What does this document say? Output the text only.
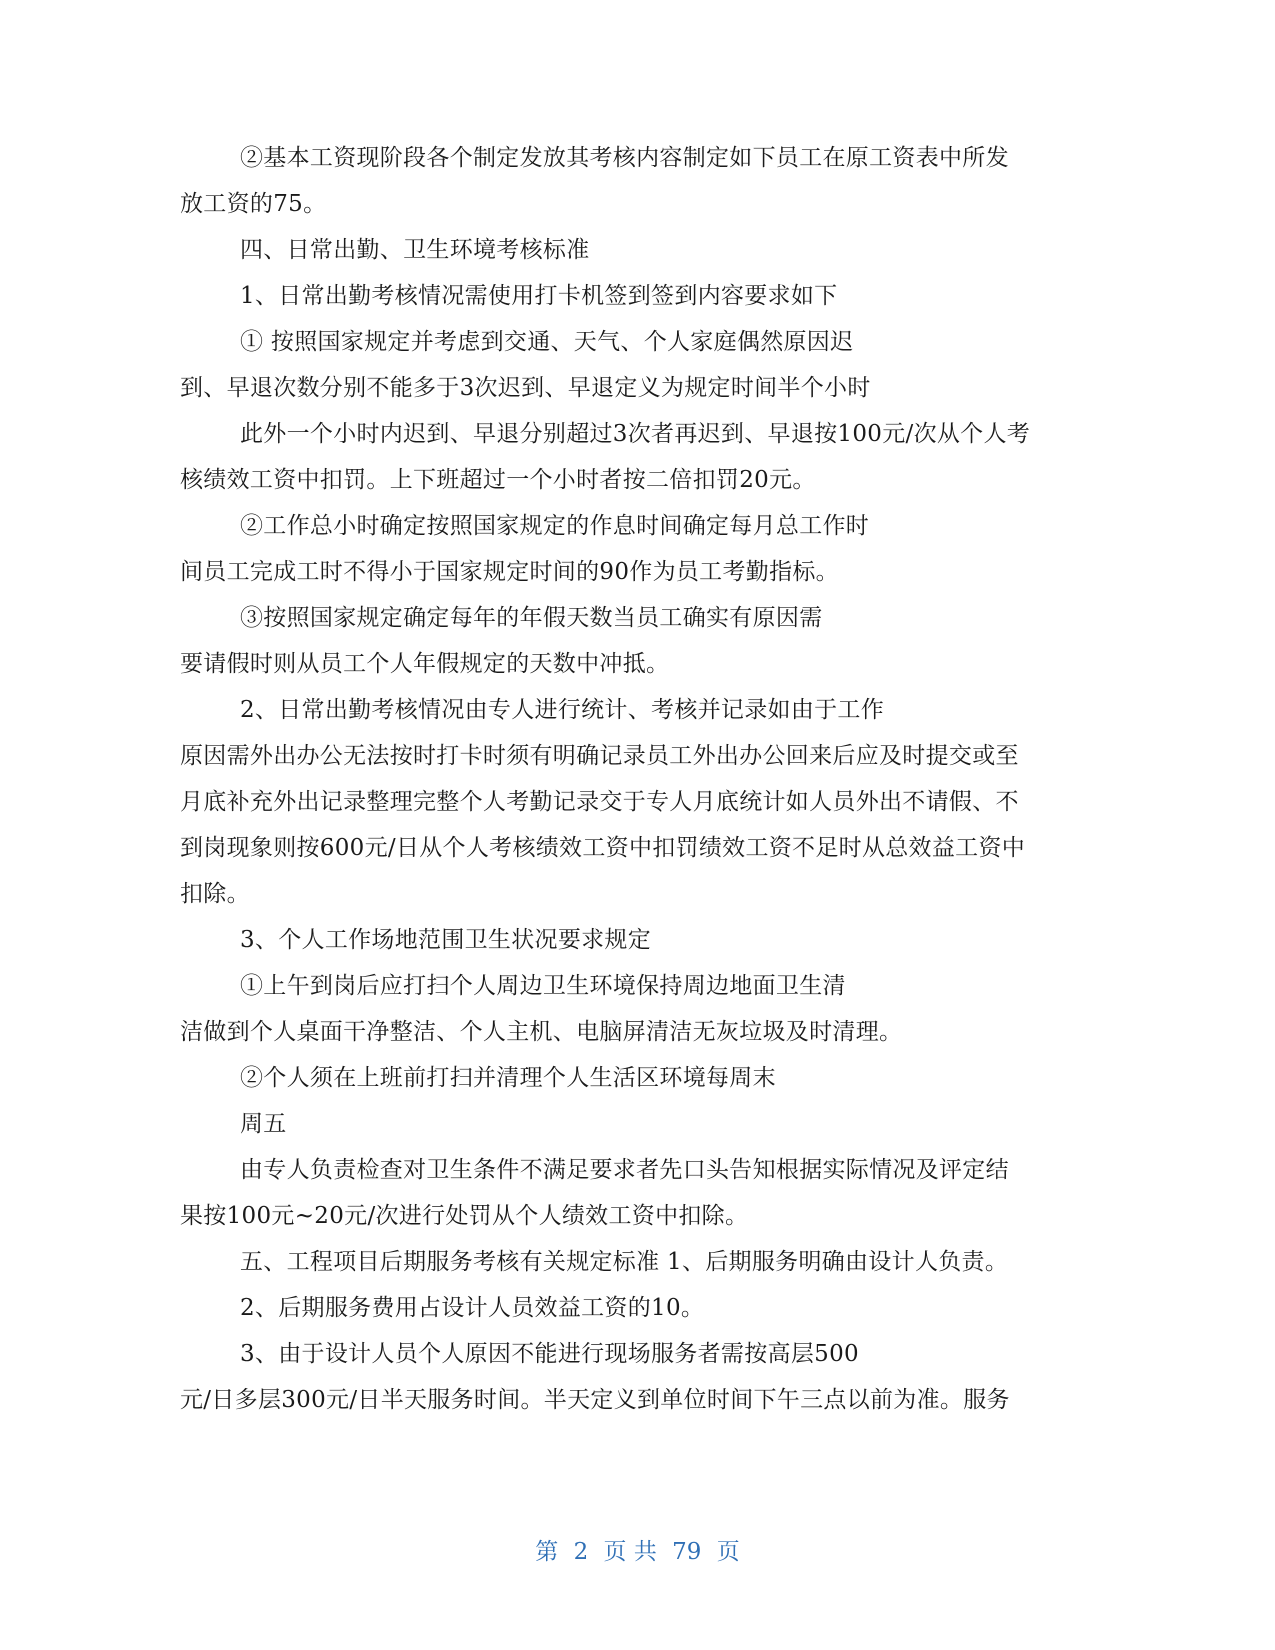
②基本工资现阶段各个制定发放其考核内容制定如下员工在原工资表中所发
放工资的75。
四、日常出勤、卫生环境考核标准
1、日常出勤考核情况需使用打卡机签到签到内容要求如下
① 按照国家规定并考虑到交通、天气、个人家庭偶然原因迟
到、早退次数分别不能多于3次迟到、早退定义为规定时间半个小时
此外一个小时内迟到、早退分别超过3次者再迟到、早退按100元/次从个人考
核绩效工资中扣罚。上下班超过一个小时者按二倍扣罚20元。
②工作总小时确定按照国家规定的作息时间确定每月总工作时
间员工完成工时不得小于国家规定时间的90作为员工考勤指标。
③按照国家规定确定每年的年假天数当员工确实有原因需
要请假时则从员工个人年假规定的天数中冲抵。
2、日常出勤考核情况由专人进行统计、考核并记录如由于工作
原因需外出办公无法按时打卡时须有明确记录员工外出办公回来后应及时提交或至
月底补充外出记录整理完整个人考勤记录交于专人月底统计如人员外出不请假、不
到岗现象则按600元/日从个人考核绩效工资中扣罚绩效工资不足时从总效益工资中
扣除。
3、个人工作场地范围卫生状况要求规定
①上午到岗后应打扫个人周边卫生环境保持周边地面卫生清
洁做到个人桌面干净整洁、个人主机、电脑屏清洁无灰垃圾及时清理。
②个人须在上班前打扫并清理个人生活区环境每周末
周五
由专人负责检查对卫生条件不满足要求者先口头告知根据实际情况及评定结
果按100元~20元/次进行处罚从个人绩效工资中扣除。
五、工程项目后期服务考核有关规定标准 1、后期服务明确由设计人负责。
2、后期服务费用占设计人员效益工资的10。
3、由于设计人员个人原因不能进行现场服务者需按高层500
元/日多层300元/日半天服务时间。半天定义到单位时间下午三点以前为准。服务
第 2 页 共 79 页
